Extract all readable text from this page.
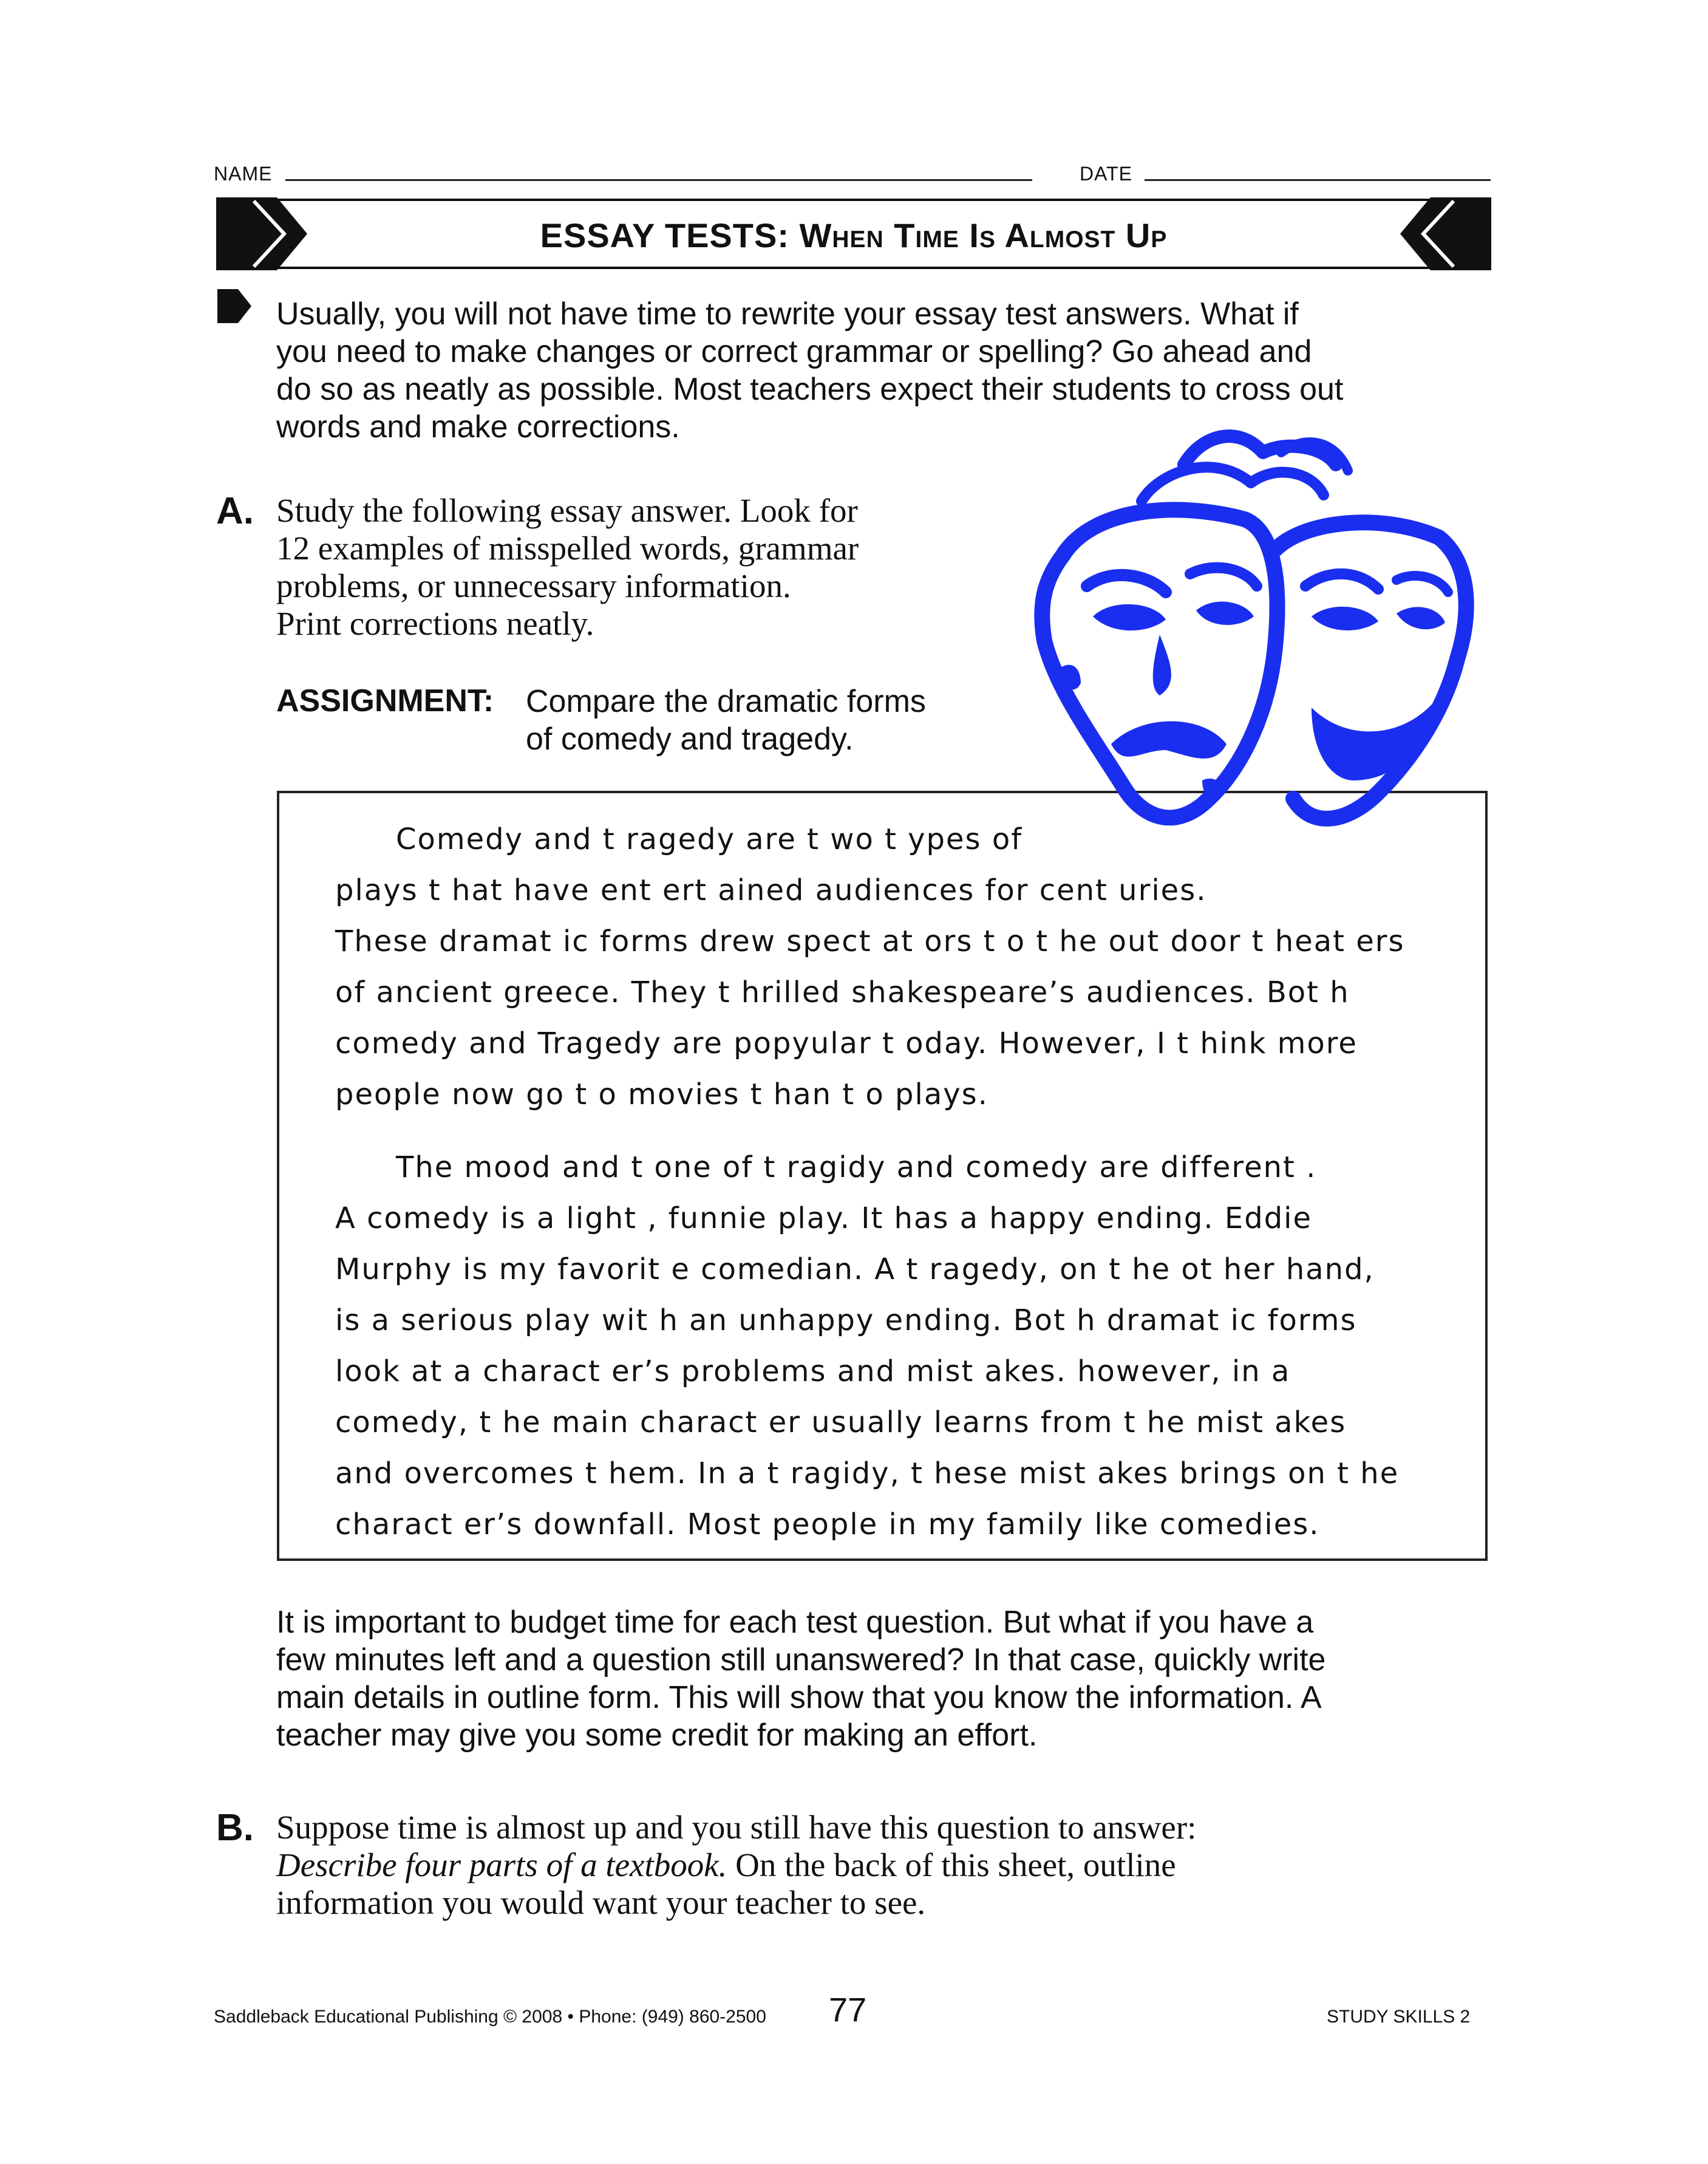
NAME	DATE
ESSAY TESTS: When Time Is Almost Up
Usually, you will not have time to rewrite your essay test answers. What if
you need to make changes or correct grammar or spelling? Go ahead and
do so as neatly as possible. Most teachers expect their students to cross out
words and make corrections.
A. Study the following essay answer. Look for
12 examples of misspelled words, grammar
problems, or unnecessary information.
Print corrections neatly.
ASSIGNMENT: Compare the dramatic forms
of comedy and tragedy.

Comedy and t ragedy are t wo t ypes of
plays t hat have ent ert ained audiences for cent uries.
These dramat ic forms drew spect at ors t o t he out door t heat ers
of ancient greece. They t hrilled shakespeare’s audiences. Bot h
comedy and Tragedy are popyular t oday. However, I t hink more
people now go t o movies t han t o plays.

The mood and t one of t ragidy and comedy are different .
A comedy is a light , funnie play. It has a happy ending. Eddie
Murphy is my favorit e comedian. A t ragedy, on t he ot her hand,
is a serious play wit h an unhappy ending. Bot h dramat ic forms
look at a charact er’s problems and mist akes. however, in a
comedy, t he main charact er usually learns from t he mist akes
and overcomes t hem. In a t ragidy, t hese mist akes brings on t he
charact er’s downfall. Most people in my family like comedies.

It is important to budget time for each test question. But what if you have a
few minutes left and a question still unanswered? In that case, quickly write
main details in outline form. This will show that you know the information. A
teacher may give you some credit for making an effort.
B. Suppose time is almost up and you still have this question to answer:
Describe four parts of a textbook. On the back of this sheet, outline
information you would want your teacher to see.
Saddleback Educational Publishing © 2008 • Phone: (949) 860-2500 77	STUDY SKILLS 2
